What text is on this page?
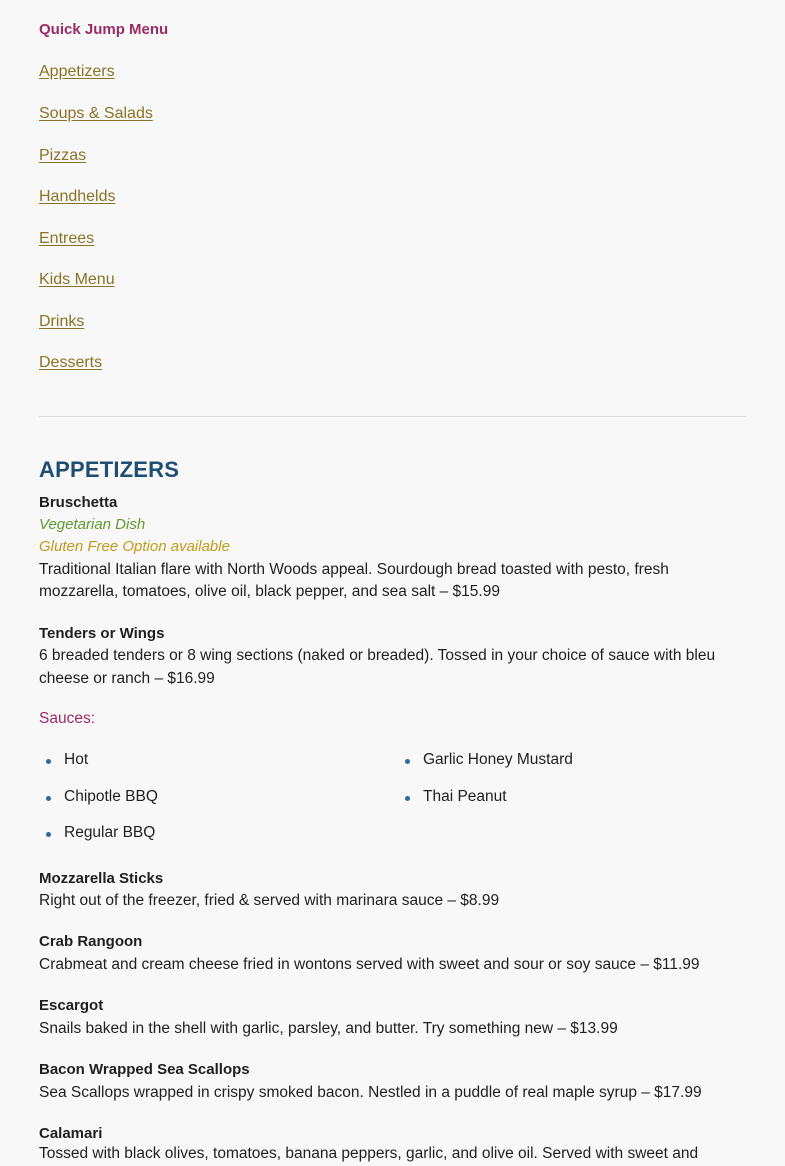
Quick Jump Menu
Appetizers
Soups & Salads
Pizzas
Handhelds
Entrees
Kids Menu
Drinks
Desserts
APPETIZERS
Bruschetta
Vegetarian Dish
Gluten Free Option available
Traditional Italian flare with North Woods appeal. Sourdough bread toasted with pesto, fresh
mozzarella, tomatoes, olive oil, black pepper, and sea salt – $15.99
Tenders or Wings
6 breaded tenders or 8 wing sections (naked or breaded). Tossed in your choice of sauce with bleu
cheese or ranch – $16.99
Sauces:
Hot
Chipotle BBQ
Regular BBQ
Garlic Honey Mustard
Thai Peanut
Mozzarella Sticks
Right out of the freezer, fried & served with marinara sauce – $8.99
Crab Rangoon
Crabmeat and cream cheese fried in wontons served with sweet and sour or soy sauce – $11.99
Escargot
Snails baked in the shell with garlic, parsley, and butter. Try something new – $13.99
Bacon Wrapped Sea Scallops
Sea Scallops wrapped in crispy smoked bacon. Nestled in a puddle of real maple syrup – $17.99
Calamari
Tossed with black olives, tomatoes, banana peppers, garlic, and olive oil. Served with sweet and
